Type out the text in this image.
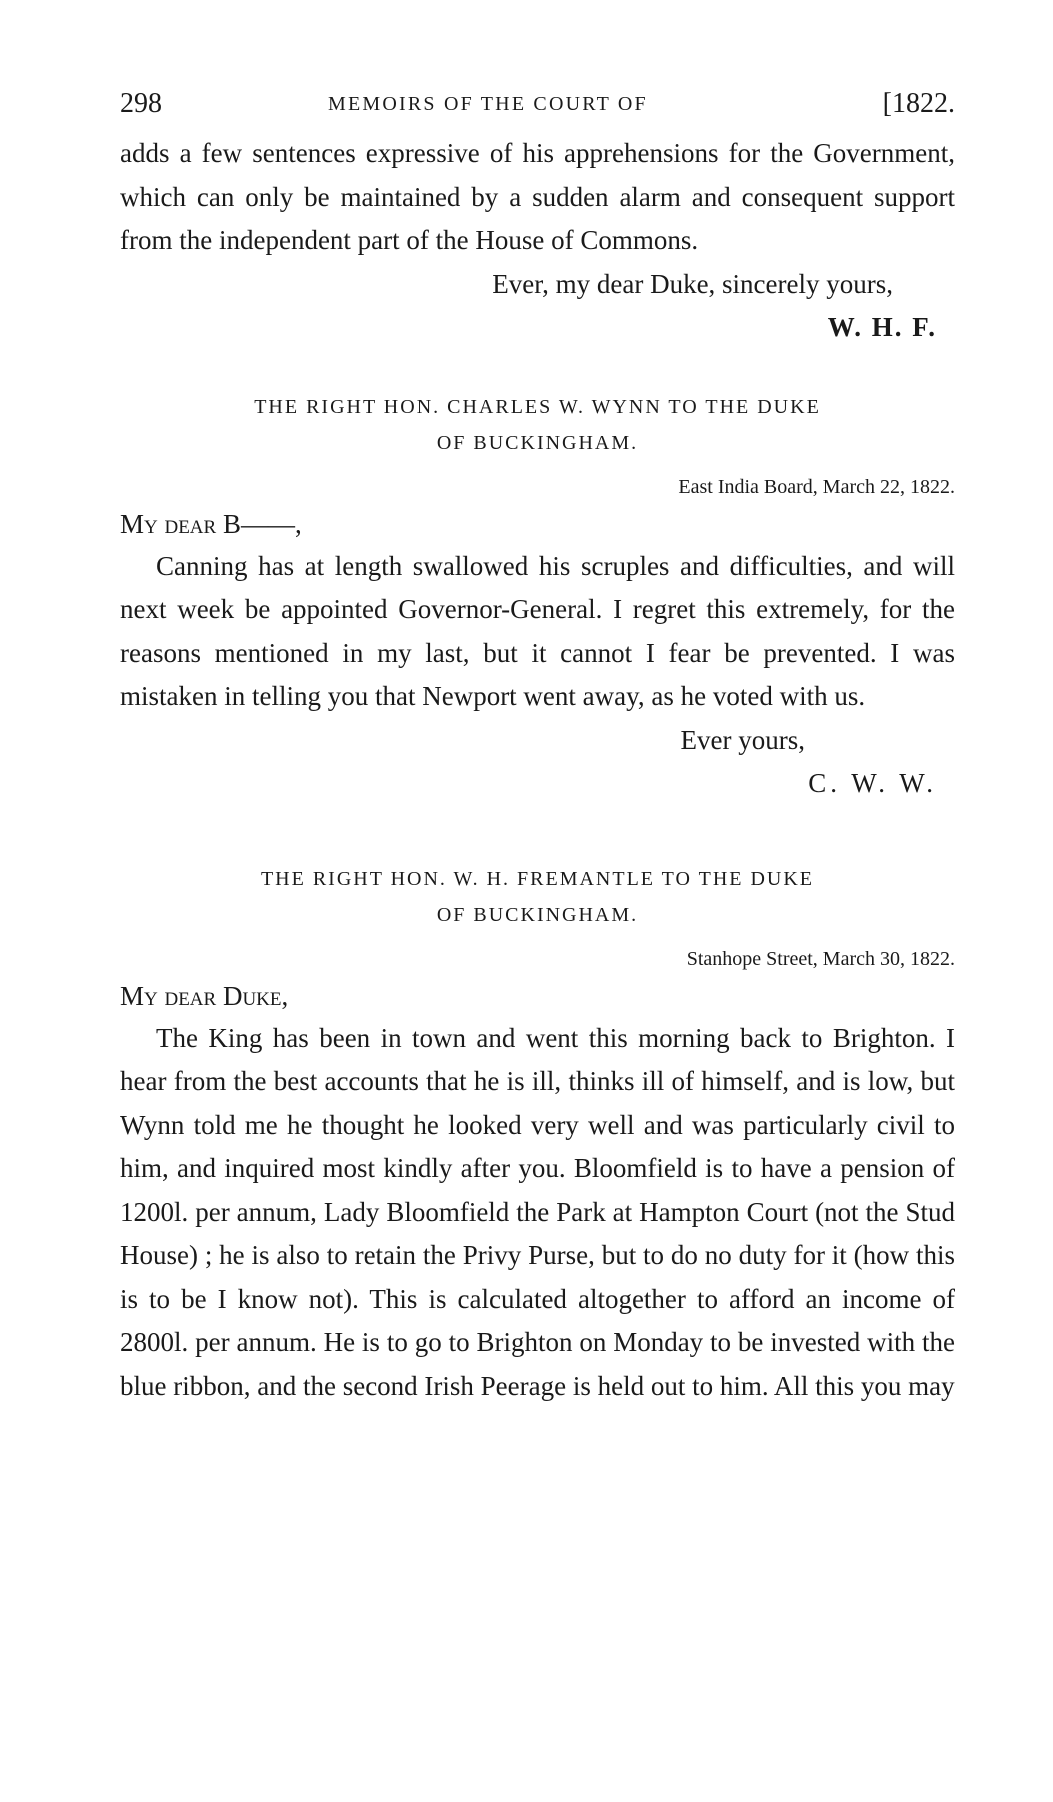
298	MEMOIRS OF THE COURT OF	[1822.

adds a few sentences expressive of his apprehensions for the Government, which can only be maintained by a sudden alarm and consequent support from the independent part of the House of Commons.

Ever, my dear Duke, sincerely yours,

W. H. F.

THE RIGHT HON. CHARLES W. WYNN TO THE DUKE
OF BUCKINGHAM.

East India Board, March 22, 1822.

My dear B——,

Canning has at length swallowed his scruples and difficulties, and will next week be appointed Governor-General. I regret this extremely, for the reasons mentioned in my last, but it cannot I fear be prevented. I was mistaken in telling you that Newport went away, as he voted with us.

Ever yours,

C. W. W.

THE RIGHT HON. W. H. FREMANTLE TO THE DUKE
OF BUCKINGHAM.

Stanhope Street, March 30, 1822.

My dear Duke,

The King has been in town and went this morning back to Brighton. I hear from the best accounts that he is ill, thinks ill of himself, and is low, but Wynn told me he thought he looked very well and was particularly civil to him, and inquired most kindly after you. Bloomfield is to have a pension of 1200l. per annum, Lady Bloomfield the Park at Hampton Court (not the Stud House) ; he is also to retain the Privy Purse, but to do no duty for it (how this is to be I know not). This is calculated altogether to afford an income of 2800l. per annum. He is to go to Brighton on Monday to be invested with the blue ribbon, and the second Irish Peerage is held out to him. All this you may
